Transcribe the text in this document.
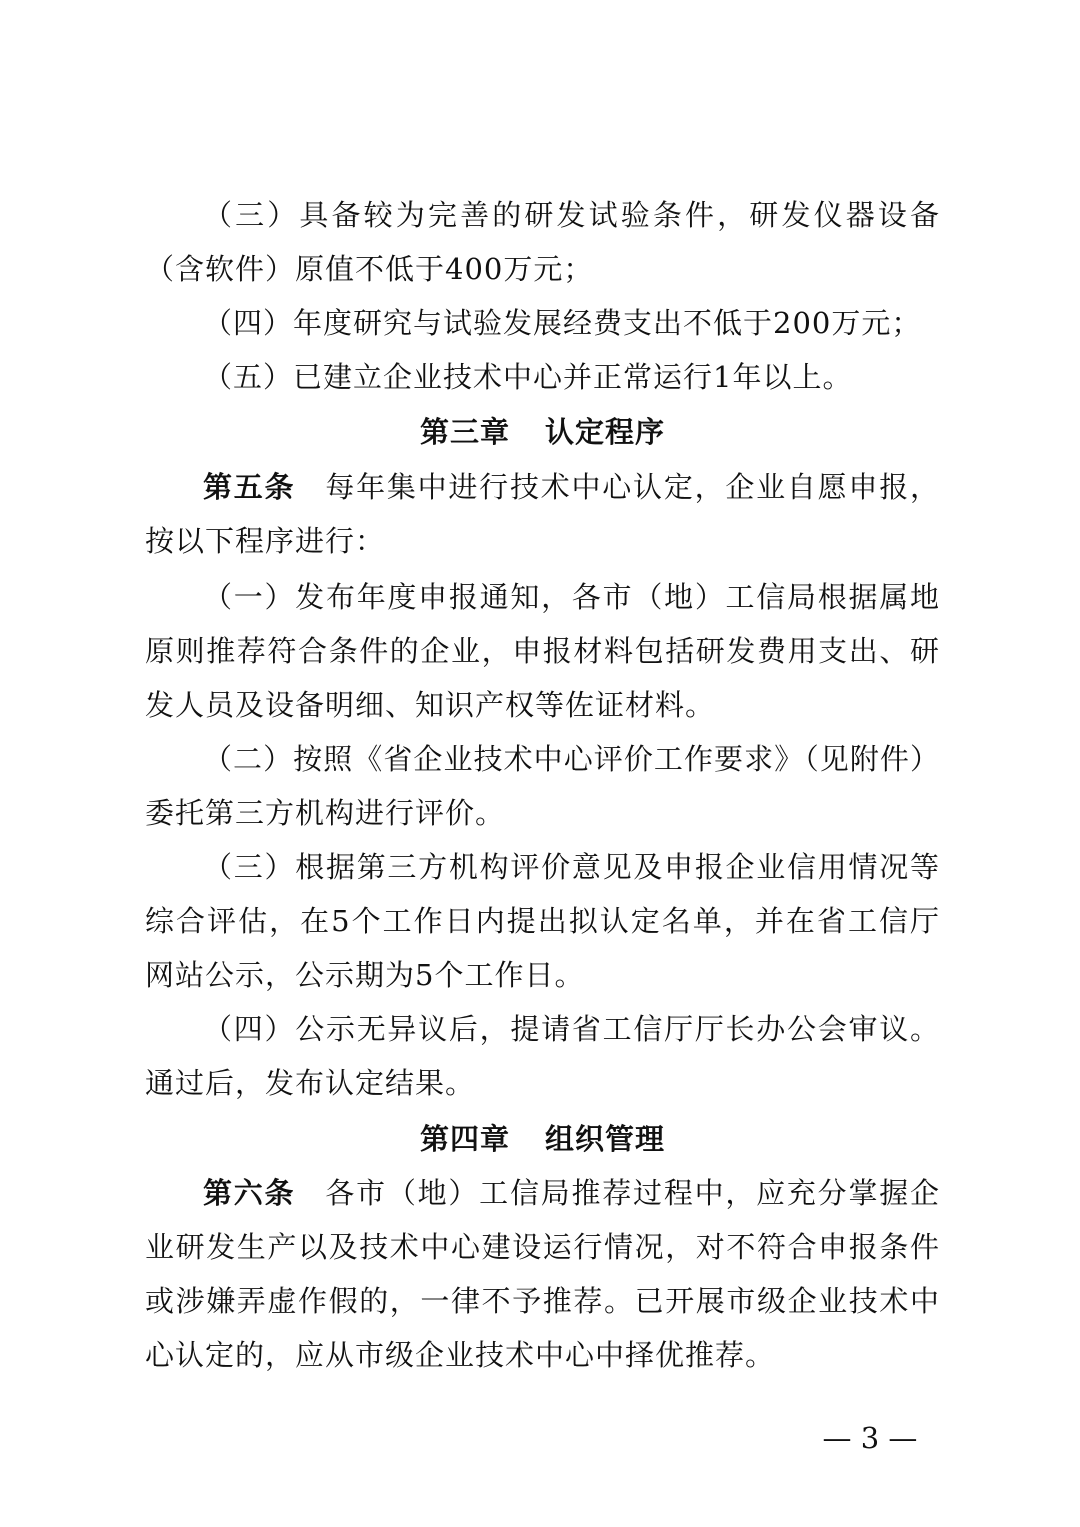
（三）具备较为完善的研发试验条件，研发仪器设备（含软件）原值不低于400万元；

（四）年度研究与试验发展经费支出不低于200万元；

（五）已建立企业技术中心并正常运行1年以上。

第三章 认定程序

第五条 每年集中进行技术中心认定，企业自愿申报，按以下程序进行：

（一）发布年度申报通知，各市（地）工信局根据属地原则推荐符合条件的企业，申报材料包括研发费用支出、研发人员及设备明细、知识产权等佐证材料。

（二）按照《省企业技术中心评价工作要求》（见附件）委托第三方机构进行评价。

（三）根据第三方机构评价意见及申报企业信用情况等综合评估，在5个工作日内提出拟认定名单，并在省工信厅网站公示，公示期为5个工作日。

（四）公示无异议后，提请省工信厅厅长办公会审议。通过后，发布认定结果。

第四章 组织管理

第六条 各市（地）工信局推荐过程中，应充分掌握企业研发生产以及技术中心建设运行情况，对不符合申报条件或涉嫌弄虚作假的，一律不予推荐。已开展市级企业技术中心认定的，应从市级企业技术中心中择优推荐。

— 3 —
